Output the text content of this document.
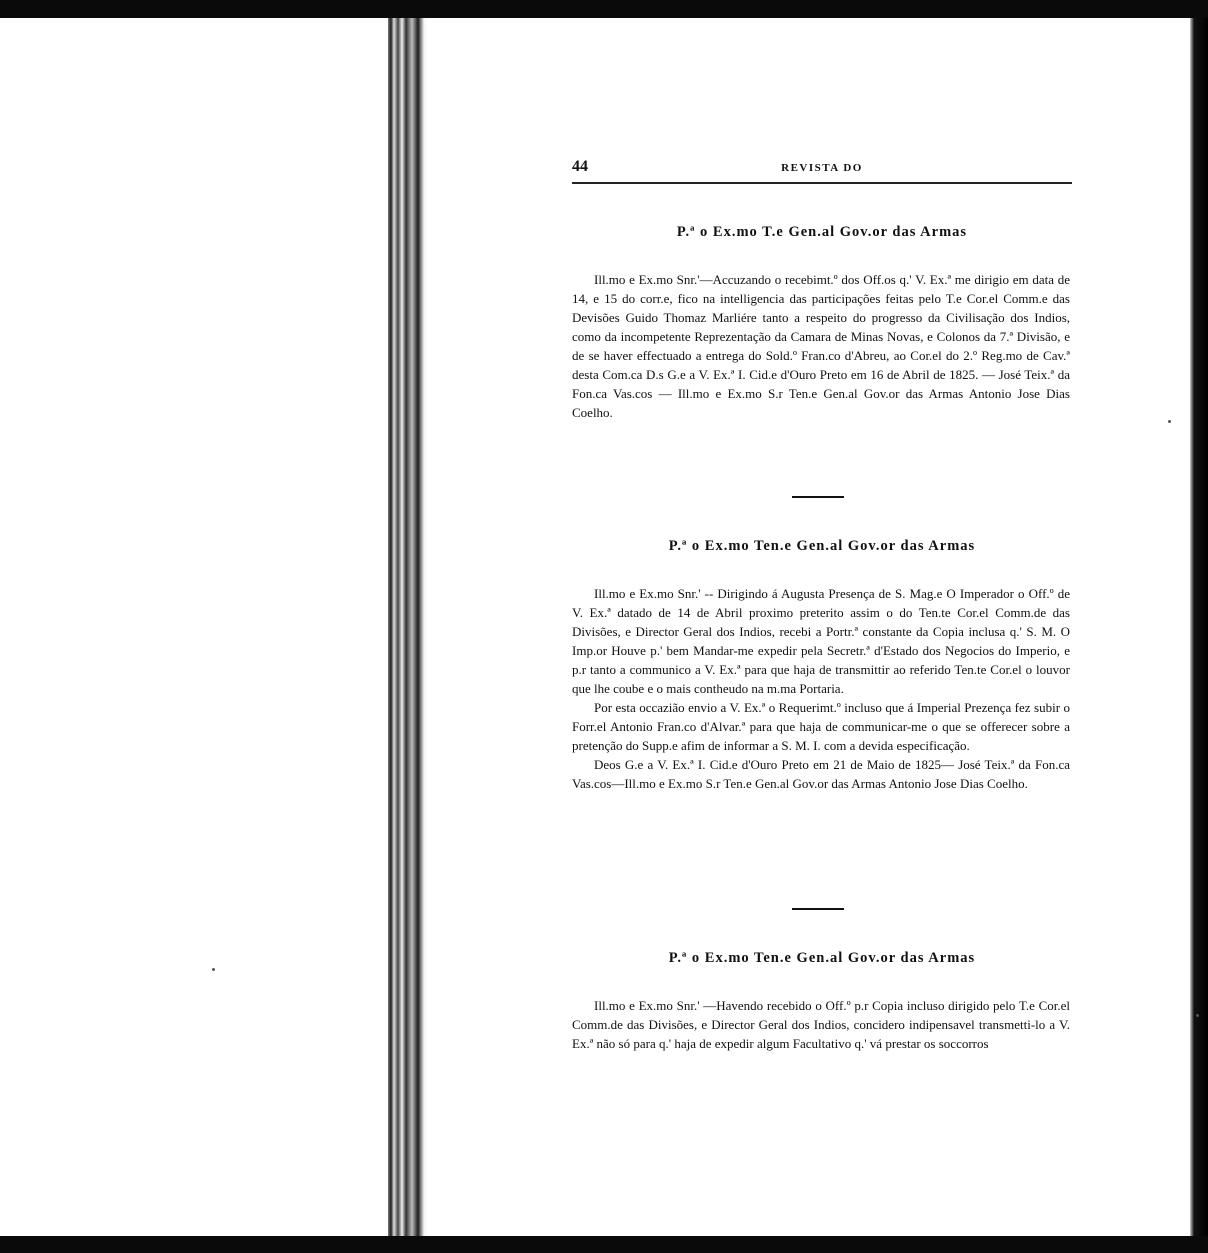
44	REVISTA DO
P.ª o Ex.mo T.e Gen.al Gov.or das Armas

Ill.mo e Ex.mo Snr.'—Accuzando o recebimt.º dos Off.os q.' V. Ex.ª me dirigio em data de 14, e 15 do corr.e, fico na intelligencia das participações feitas pelo T.e Cor.el Comm.e das Devisões Guido Thomaz Marliére tanto a respeito do progresso da Civilisação dos Indios, como da incompetente Reprezentação da Camara de Minas Novas, e Colonos da 7.ª Divisão, e de se haver effectuado a entrega do Sold.º Fran.co d'Abreu, ao Cor.el do 2.º Reg.mo de Cav.ª desta Com.ca D.s G.e a V. Ex.ª I. Cid.e d'Ouro Preto em 16 de Abril de 1825. — José Teix.ª da Fon.ca Vas.cos — Ill.mo e Ex.mo S.r Ten.e Gen.al Gov.or das Armas Antonio Jose Dias Coelho.

P.ª o Ex.mo Ten.e Gen.al Gov.or das Armas

Ill.mo e Ex.mo Snr.' -- Dirigindo á Augusta Presença de S. Mag.e O Imperador o Off.º de V. Ex.ª datado de 14 de Abril proximo preterito assim o do Ten.te Cor.el Comm.de das Divisões, e Director Geral dos Indios, recebi a Portr.ª constante da Copia inclusa q.' S. M. O Imp.or Houve p.' bem Mandar-me expedir pela Secretr.ª d'Estado dos Negocios do Imperio, e p.r tanto a communico a V. Ex.ª para que haja de transmittir ao referido Ten.te Cor.el o louvor que lhe coube e o mais contheudo na m.ma Portaria.

Por esta occazião envio a V. Ex.ª o Requerimt.º incluso que á Imperial Prezença fez subir o Forr.el Antonio Fran.co d'Alvar.ª para que haja de communicar-me o que se offerecer sobre a pretenção do Supp.e afim de informar a S. M. I. com a devida especificação.

Deos G.e a V. Ex.ª I. Cid.e d'Ouro Preto em 21 de Maio de 1825— José Teix.ª da Fon.ca Vas.cos—Ill.mo e Ex.mo S.r Ten.e Gen.al Gov.or das Armas Antonio Jose Dias Coelho.

P.ª o Ex.mo Ten.e Gen.al Gov.or das Armas

Ill.mo e Ex.mo Snr.' —Havendo recebido o Off.º p.r Copia incluso dirigido pelo T.e Cor.el Comm.de das Divisões, e Director Geral dos Indios, concidero indipensavel transmetti-lo a V. Ex.ª não só para q.' haja de expedir algum Facultativo q.' vá prestar os soccorros
